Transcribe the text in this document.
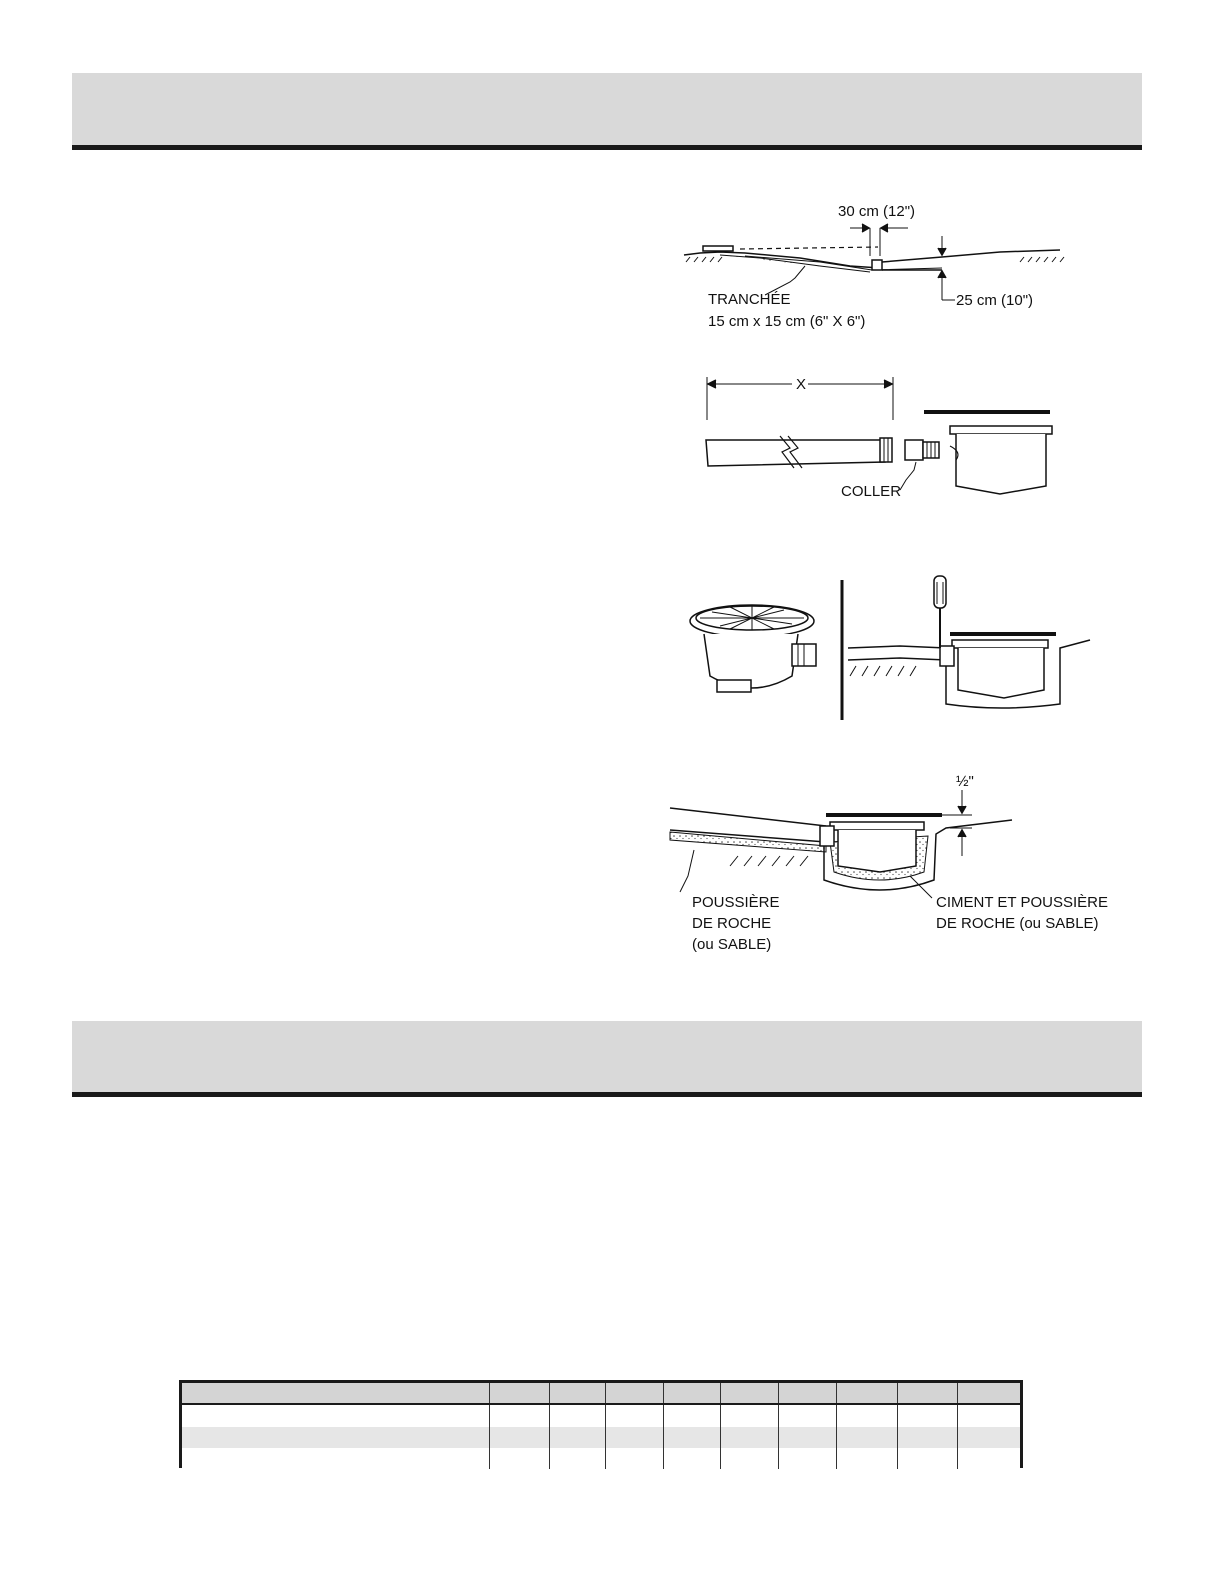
30 cm (12")
25 cm (10")
TRANCHÉE
15 cm x 15 cm (6" X 6")
X
COLLER
½"
POUSSIÈRE
DE ROCHE
(ou SABLE)
CIMENT ET POUSSIÈRE
DE ROCHE (ou SABLE)
